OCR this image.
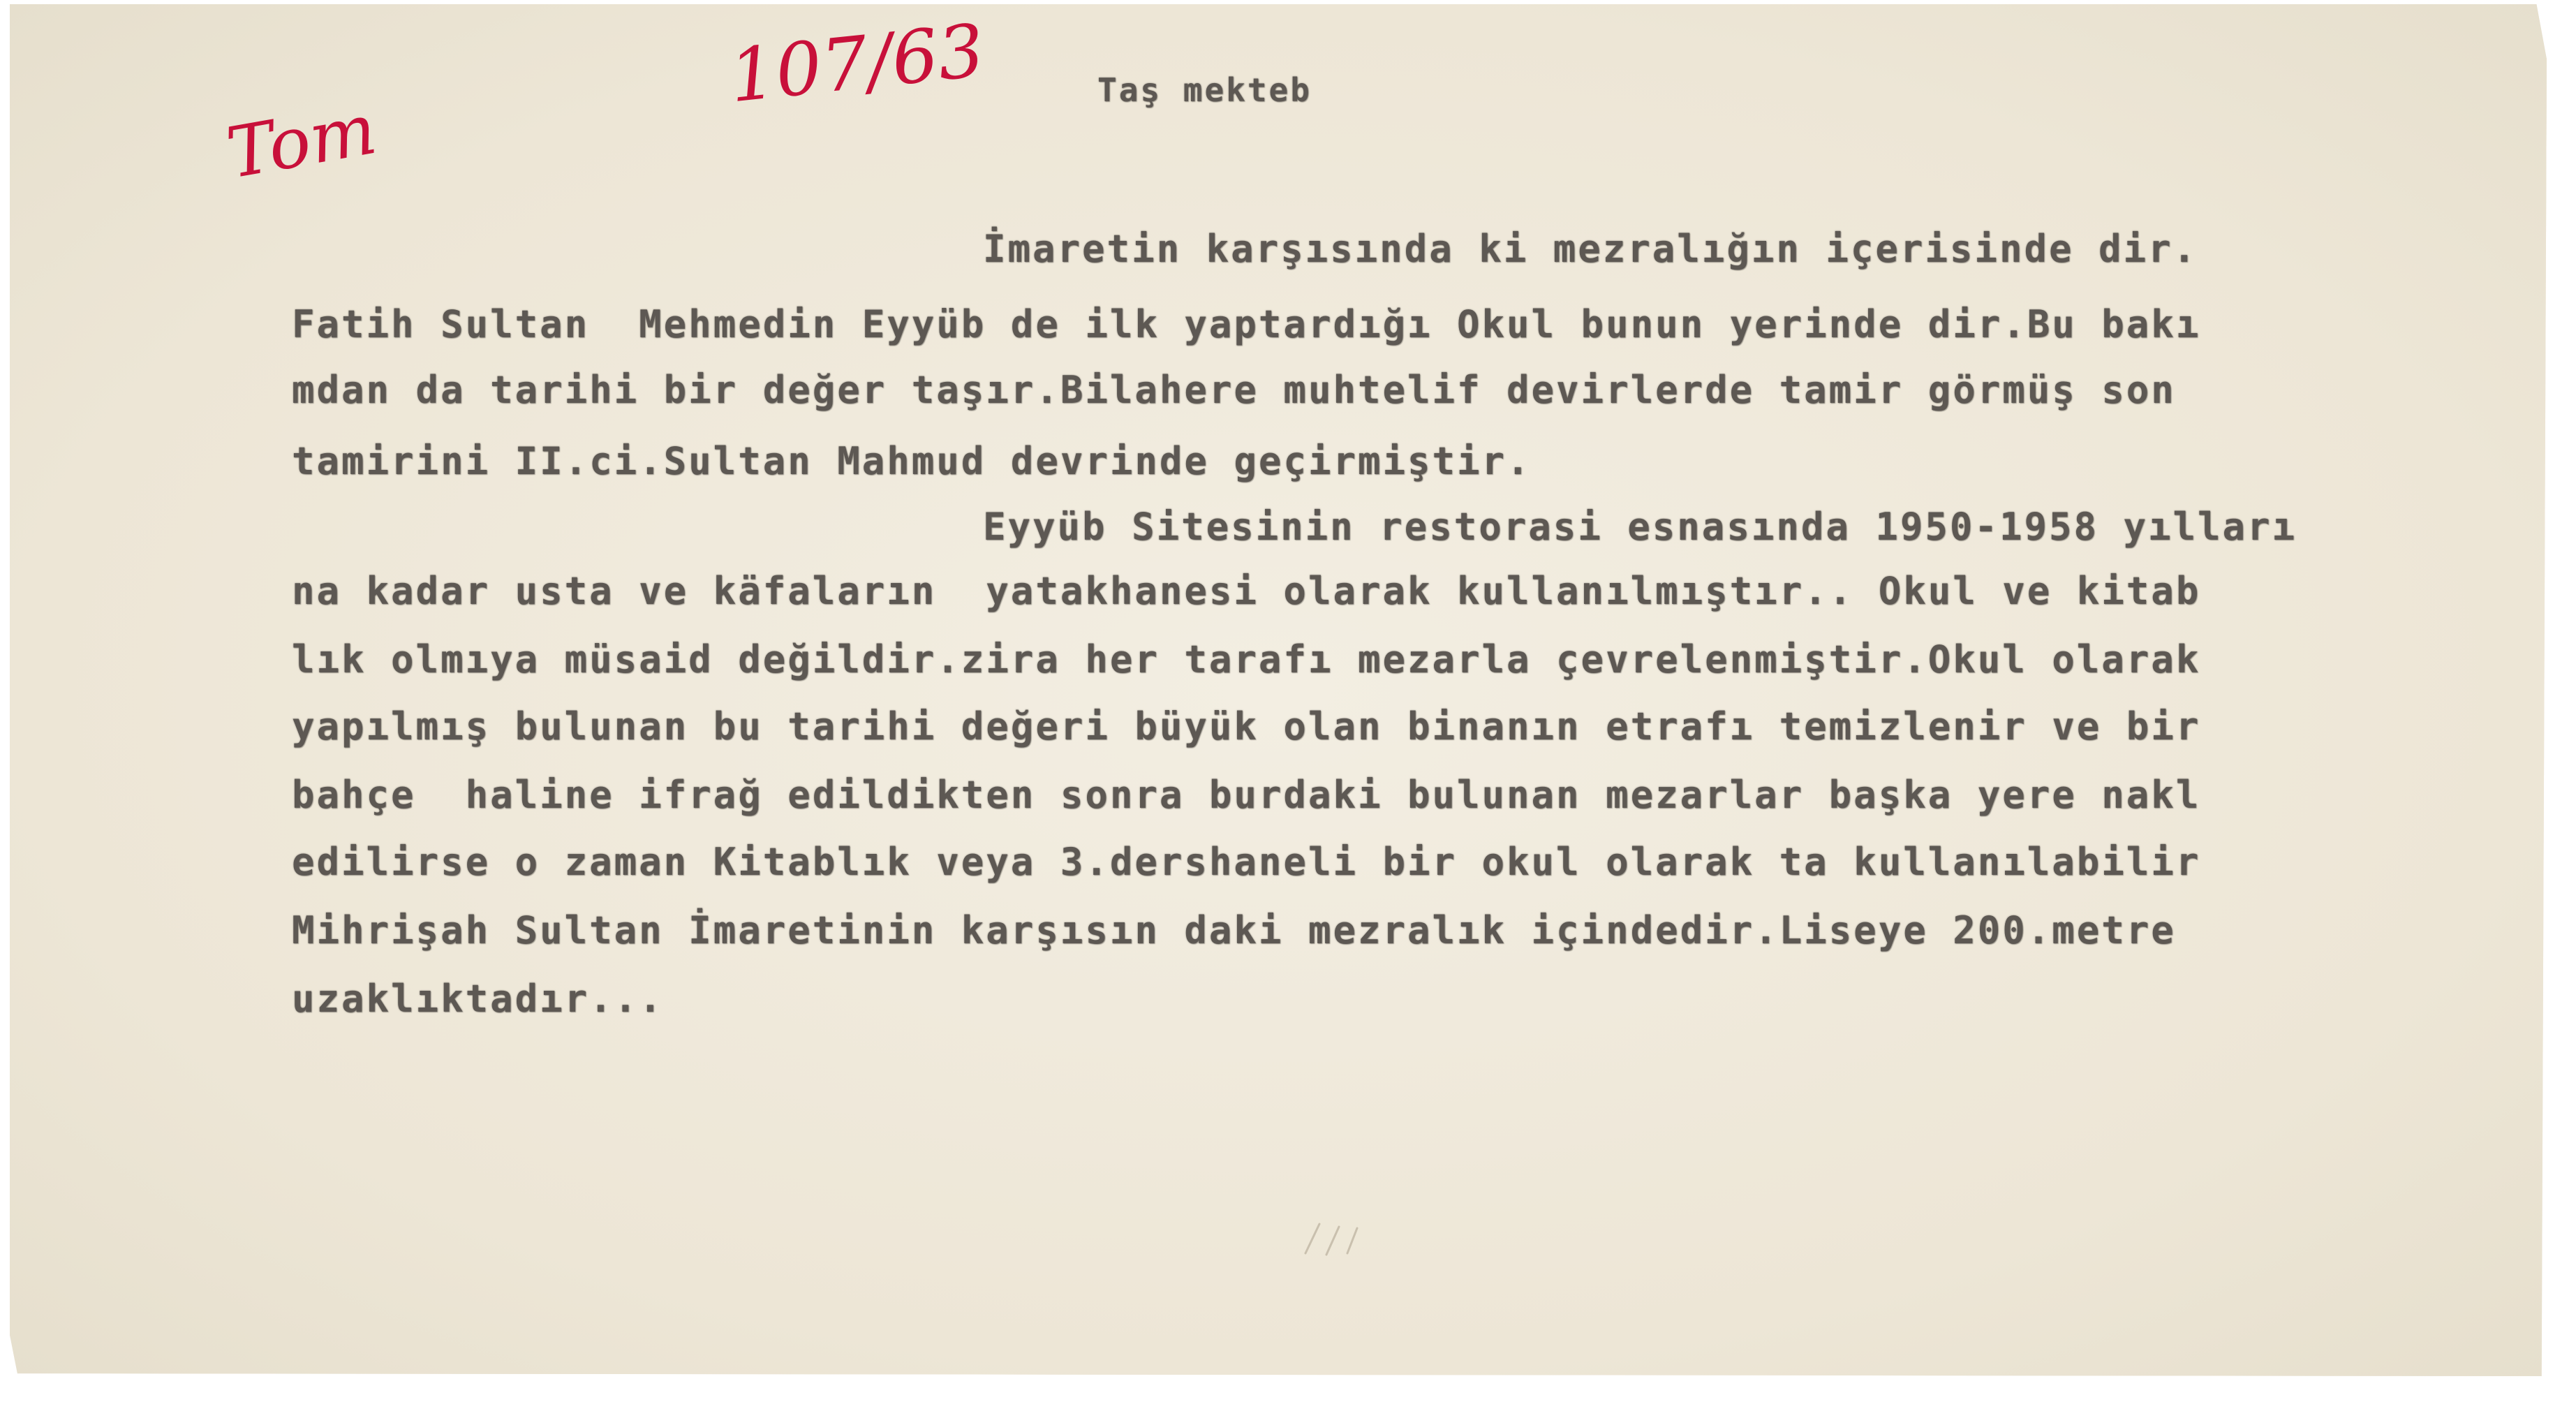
107/63
Tom	Taş mekteb
İmaretin karşısında ki mezralığın içerisinde dir.
Fatih Sultan  Mehmedin Eyyüb de ilk yaptardığı Okul bunun yerinde dir.Bu bakı
mdan da tarihi bir değer taşır.Bilahere muhtelif devirlerde tamir görmüş son
tamirini II.ci.Sultan Mahmud devrinde geçirmiştir.
Eyyüb Sitesinin restorasi esnasında 1950-1958 yılları
na kadar usta ve käfaların  yatakhanesi olarak kullanılmıştır.. Okul ve kitab
lık olmıya müsaid değildir.zira her tarafı mezarla çevrelenmiştir.Okul olarak
yapılmış bulunan bu tarihi değeri büyük olan binanın etrafı temizlenir ve bir
bahçe  haline ifrağ edildikten sonra burdaki bulunan mezarlar başka yere nakl
edilirse o zaman Kitablık veya 3.dershaneli bir okul olarak ta kullanılabilir
Mihrişah Sultan İmaretinin karşısın daki mezralık içindedir.Liseye 200.metre
uzaklıktadır...
